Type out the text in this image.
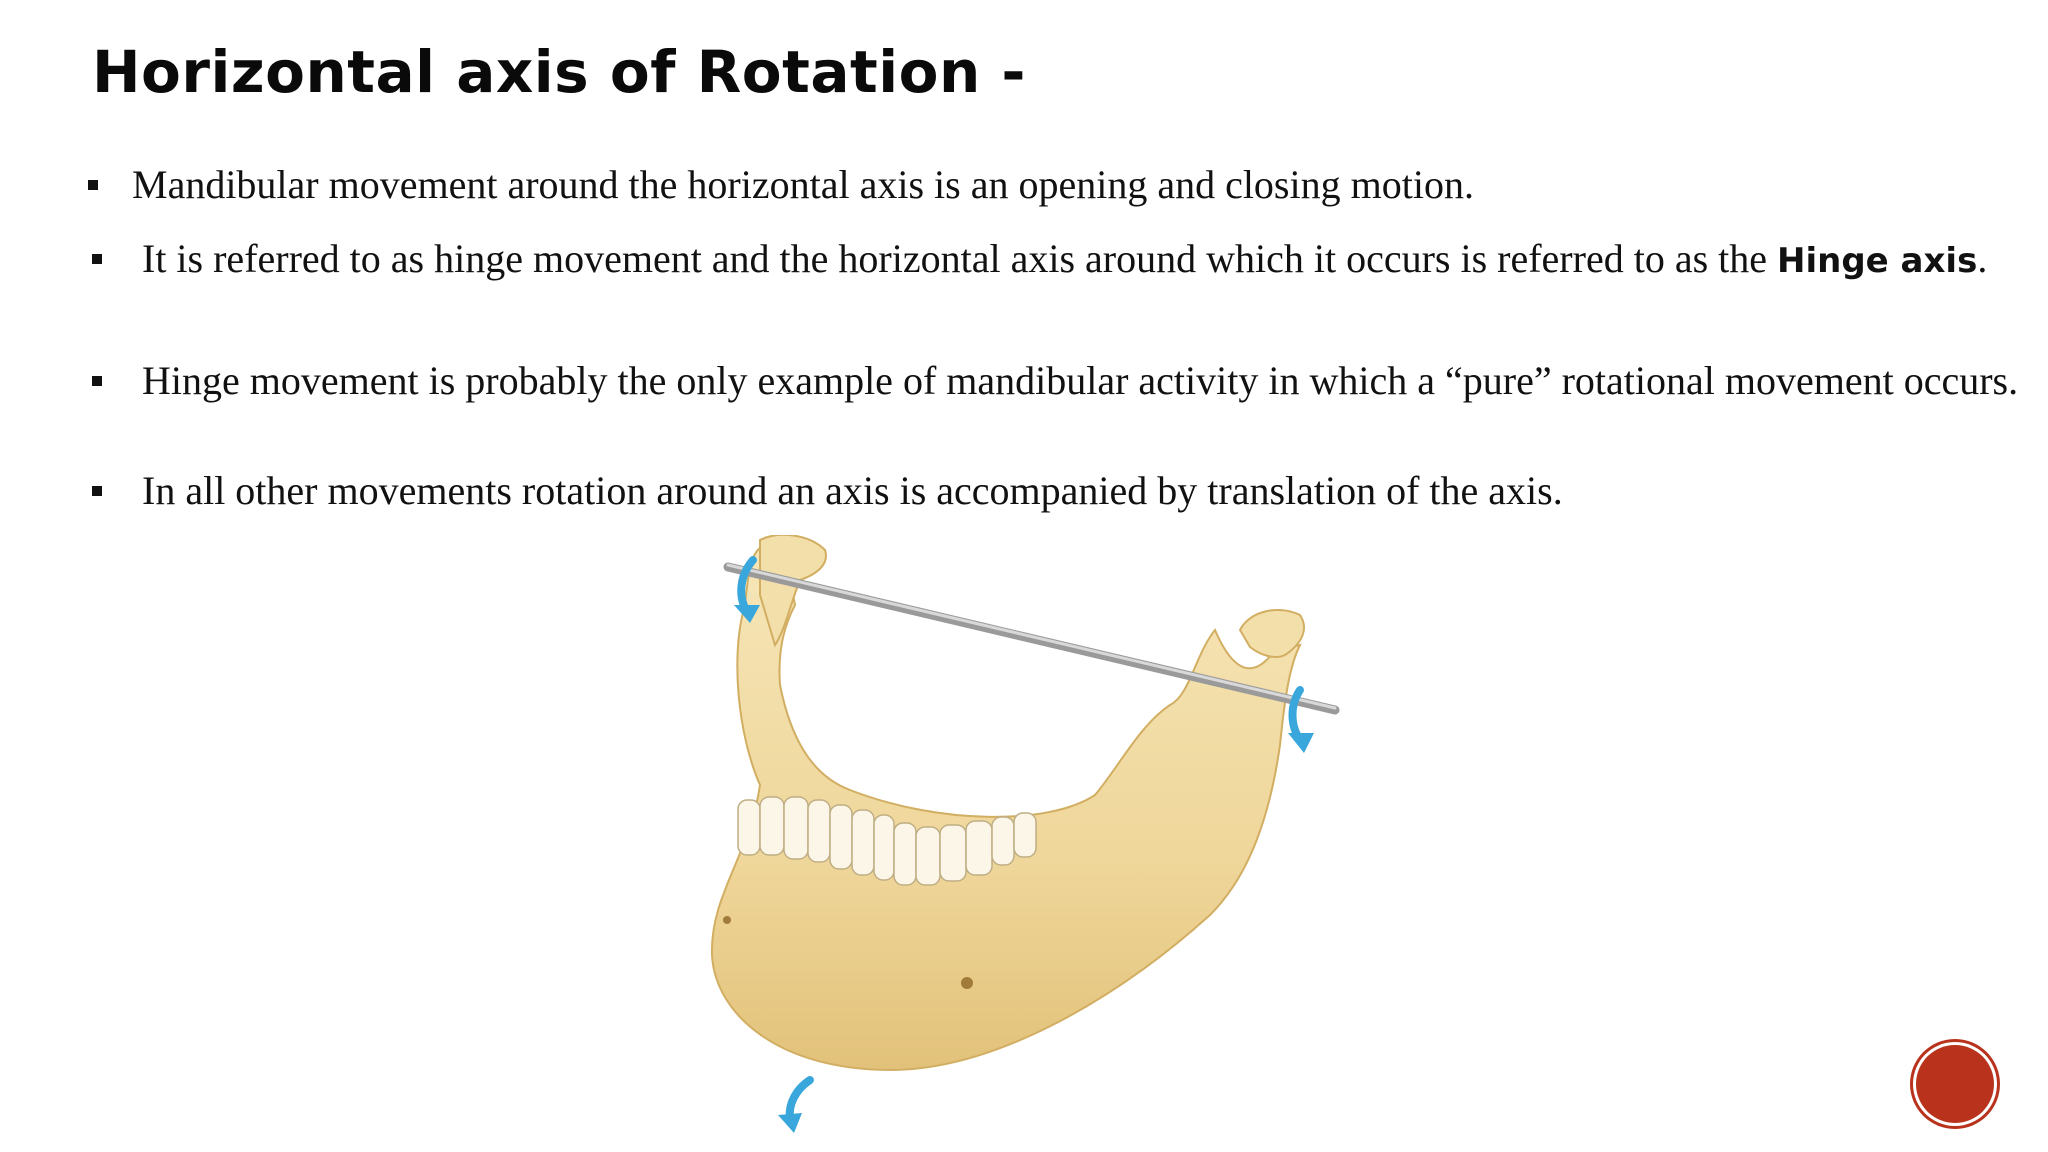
Horizontal axis of Rotation -

Mandibular movement around the horizontal axis is an opening and closing motion.

It is referred to as hinge movement and the horizontal axis around which it occurs is referred to as the Hinge axis.

Hinge movement is probably the only example of mandibular activity in which a “pure” rotational movement occurs.

In all other movements rotation around an axis is accompanied by translation of the axis.
